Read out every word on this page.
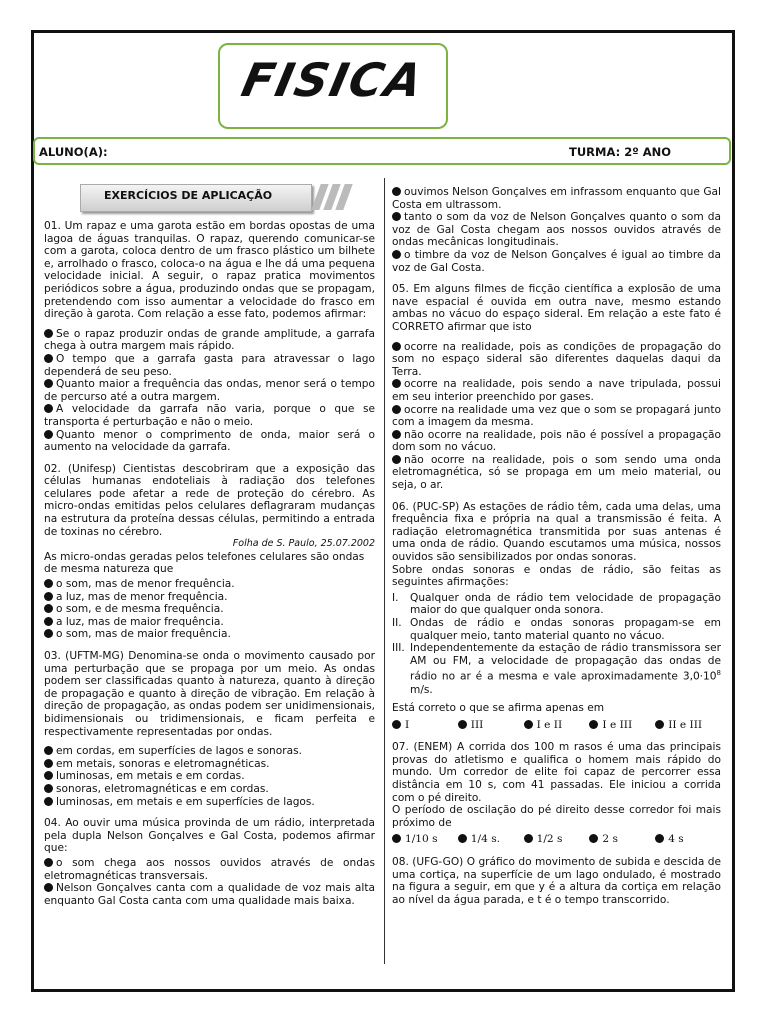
FISICA
ALUNO(A):	TURMA: 2º ANO
EXERCÍCIOS DE APLICAÇÃO

01. Um rapaz e uma garota estão em bordas opostas de uma lagoa de águas tranquilas. O rapaz, querendo comunicar-se com a garota, coloca dentro de um frasco plástico um bilhete e, arrolhado o frasco, coloca-o na água e lhe dá uma pequena velocidade inicial. A seguir, o rapaz pratica movimentos periódicos sobre a água, produzindo ondas que se propagam, pretendendo com isso aumentar a velocidade do frasco em direção à garota. Com relação a esse fato, podemos afirmar:

Se o rapaz produzir ondas de grande amplitude, a garrafa chega à outra margem mais rápido.

O tempo que a garrafa gasta para atravessar o lago dependerá de seu peso.

Quanto maior a frequência das ondas, menor será o tempo de percurso até a outra margem.

A velocidade da garrafa não varia, porque o que se transporta é perturbação e não o meio.

Quanto menor o comprimento de onda, maior será o aumento na velocidade da garrafa.

02. (Unifesp) Cientistas descobriram que a exposição das células humanas endoteliais à radiação dos telefones celulares pode afetar a rede de proteção do cérebro. As micro-ondas emitidas pelos celulares deflagraram mudanças na estrutura da proteína dessas células, permitindo a entrada de toxinas no cérebro.

Folha de S. Paulo, 25.07.2002

As micro-ondas geradas pelos telefones celulares são ondas de mesma natureza que

o som, mas de menor frequência.

a luz, mas de menor frequência.

o som, e de mesma frequência.

a luz, mas de maior frequência.

o som, mas de maior frequência.

03. (UFTM-MG) Denomina-se onda o movimento causado por uma perturbação que se propaga por um meio. As ondas podem ser classificadas quanto à natureza, quanto à direção de propagação e quanto à direção de vibração. Em relação à direção de propagação, as ondas podem ser unidimensionais, bidimensionais ou tridimensionais, e ficam perfeita e respectivamente representadas por ondas.

em cordas, em superfícies de lagos e sonoras.

em metais, sonoras e eletromagnéticas.

luminosas, em metais e em cordas.

sonoras, eletromagnéticas e em cordas.

luminosas, em metais e em superfícies de lagos.

04. Ao ouvir uma música provinda de um rádio, interpretada pela dupla Nelson Gonçalves e Gal Costa, podemos afirmar que:

o som chega aos nossos ouvidos através de ondas eletromagnéticas transversais.

Nelson Gonçalves canta com a qualidade de voz mais alta enquanto Gal Costa canta com uma qualidade mais baixa.

ouvimos Nelson Gonçalves em infrassom enquanto que Gal Costa em ultrassom.

tanto o som da voz de Nelson Gonçalves quanto o som da voz de Gal Costa chegam aos nossos ouvidos através de ondas mecânicas longitudinais.

o timbre da voz de Nelson Gonçalves é igual ao timbre da voz de Gal Costa.

05. Em alguns filmes de ficção científica a explosão de uma nave espacial é ouvida em outra nave, mesmo estando ambas no vácuo do espaço sideral. Em relação a este fato é CORRETO afirmar que isto

ocorre na realidade, pois as condições de propagação do som no espaço sideral são diferentes daquelas daqui da Terra.

ocorre na realidade, pois sendo a nave tripulada, possui em seu interior preenchido por gases.

ocorre na realidade uma vez que o som se propagará junto com a imagem da mesma.

não ocorre na realidade, pois não é possível a propagação dom som no vácuo.

não ocorre na realidade, pois o som sendo uma onda eletromagnética, só se propaga em um meio material, ou seja, o ar.

06. (PUC-SP) As estações de rádio têm, cada uma delas, uma frequência fixa e própria na qual a transmissão é feita. A radiação eletromagnética transmitida por suas antenas é uma onda de rádio. Quando escutamos uma música, nossos ouvidos são sensibilizados por ondas sonoras.

Sobre ondas sonoras e ondas de rádio, são feitas as seguintes afirmações:

I.	Qualquer onda de rádio tem velocidade de propagação maior do que qualquer onda sonora.
II. Ondas de rádio e ondas sonoras propagam-se em qualquer meio, tanto material quanto no vácuo.
III. Independentemente da estação de rádio transmissora ser AM ou FM, a velocidade de propagação das ondas de rádio no ar é a mesma e vale aproximadamente $3,0\cdot 10^8$ m/s.

Está correto o que se afirma apenas em

I	III	I e II	I e III	II e III

07. (ENEM) A corrida dos 100 m rasos é uma das principais provas do atletismo e qualifica o homem mais rápido do mundo. Um corredor de elite foi capaz de percorrer essa distância em 10 s, com 41 passadas. Ele iniciou a corrida com o pé direito.

O período de oscilação do pé direito desse corredor foi mais próximo de

1/10 s	1/4 s.	1/2 s	2 s	4 s

08. (UFG-GO) O gráfico do movimento de subida e descida de uma cortiça, na superfície de um lago ondulado, é mostrado na figura a seguir, em que y é a altura da cortiça em relação ao nível da água parada, e t é o tempo transcorrido.
